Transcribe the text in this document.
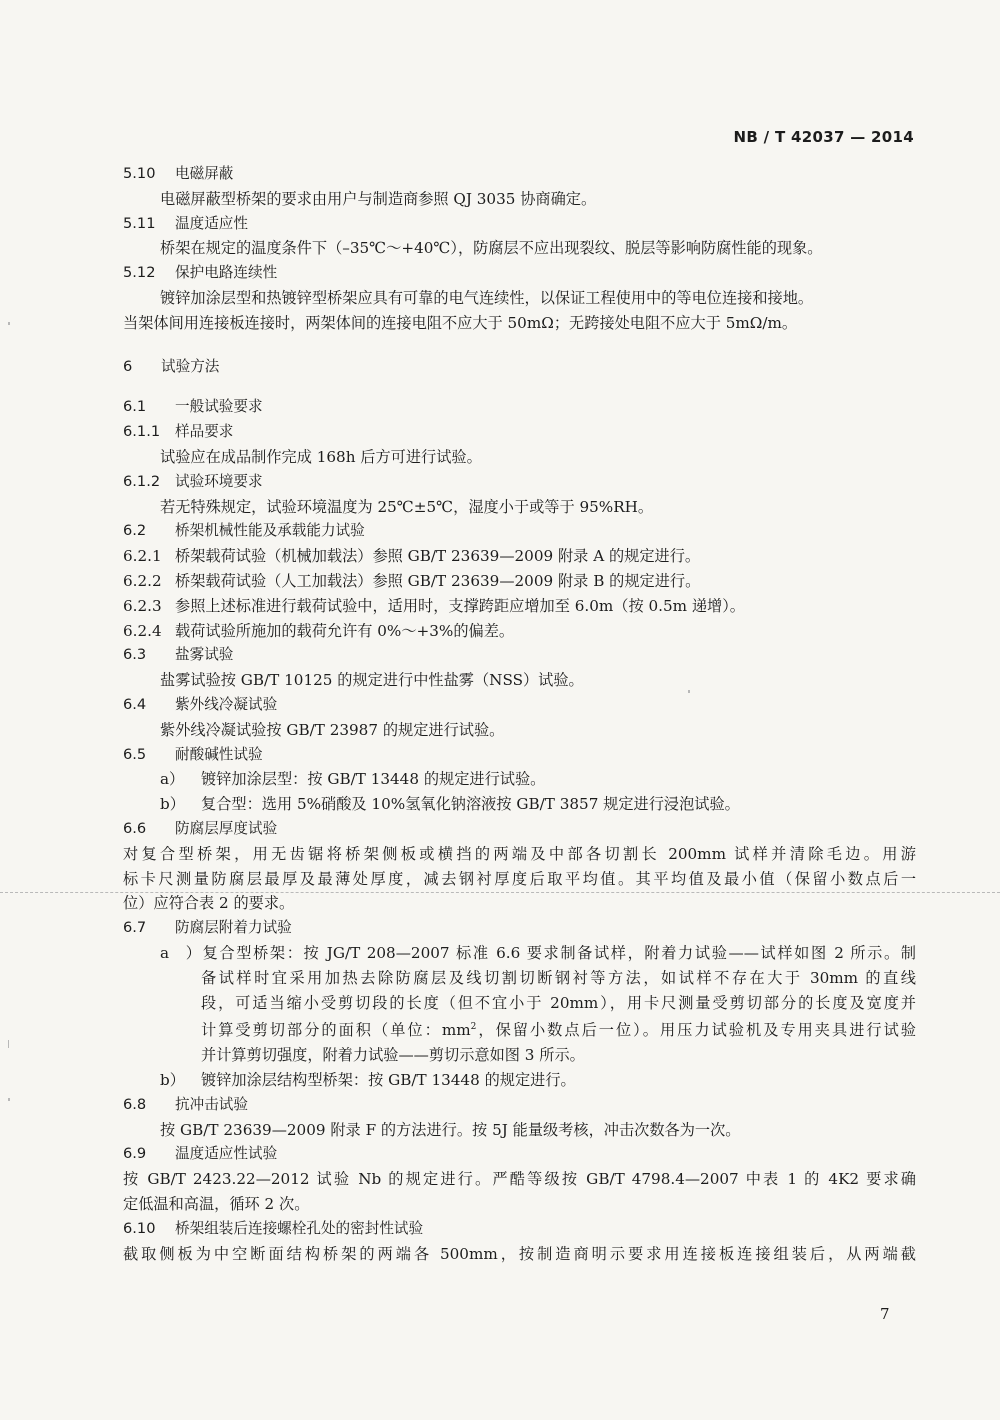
NB / T 42037 — 2014
5.10 电磁屏蔽
电磁屏蔽型桥架的要求由用户与制造商参照 QJ 3035 协商确定。
5.11 温度适应性
桥架在规定的温度条件下（–35℃～+40℃），防腐层不应出现裂纹、脱层等影响防腐性能的现象。
5.12 保护电路连续性
镀锌加涂层型和热镀锌型桥架应具有可靠的电气连续性，以保证工程使用中的等电位连接和接地。
当架体间用连接板连接时，两架体间的连接电阻不应大于 50mΩ；无跨接处电阻不应大于 5mΩ/m。
6 试验方法
6.1 一般试验要求
6.1.1 样品要求
试验应在成品制作完成 168h 后方可进行试验。
6.1.2 试验环境要求
若无特殊规定，试验环境温度为 25℃±5℃，湿度小于或等于 95%RH。
6.2 桥架机械性能及承载能力试验
6.2.1 桥架载荷试验（机械加载法）参照 GB/T 23639—2009 附录 A 的规定进行。
6.2.2 桥架载荷试验（人工加载法）参照 GB/T 23639—2009 附录 B 的规定进行。
6.2.3 参照上述标准进行载荷试验中，适用时，支撑跨距应增加至 6.0m（按 0.5m 递增）。
6.2.4 载荷试验所施加的载荷允许有 0%～+3%的偏差。
6.3 盐雾试验
盐雾试验按 GB/T 10125 的规定进行中性盐雾（NSS）试验。
6.4 紫外线冷凝试验
紫外线冷凝试验按 GB/T 23987 的规定进行试验。
6.5 耐酸碱性试验
a） 镀锌加涂层型：按 GB/T 13448 的规定进行试验。
b） 复合型：选用 5%硝酸及 10%氢氧化钠溶液按 GB/T 3857 规定进行浸泡试验。
6.6 防腐层厚度试验
对复合型桥架，用无齿锯将桥架侧板或横挡的两端及中部各切割长 200mm 试样并清除毛边。用游
标卡尺测量防腐层最厚及最薄处厚度，减去钢衬厚度后取平均值。其平均值及最小值（保留小数点后一
位）应符合表 2 的要求。
6.7 防腐层附着力试验
a）复合型桥架：按 JG/T 208—2007 标准 6.6 要求制备试样，附着力试验——试样如图 2 所示。制
备试样时宜采用加热去除防腐层及线切割切断钢衬等方法，如试样不存在大于 30mm 的直线
段，可适当缩小受剪切段的长度（但不宜小于 20mm），用卡尺测量受剪切部分的长度及宽度并
计算受剪切部分的面积（单位：$mm^2$，保留小数点后一位）。用压力试验机及专用夹具进行试验
并计算剪切强度，附着力试验——剪切示意如图 3 所示。
b） 镀锌加涂层结构型桥架：按 GB/T 13448 的规定进行。
6.8 抗冲击试验
按 GB/T 23639—2009 附录 F 的方法进行。按 5J 能量级考核，冲击次数各为一次。
6.9 温度适应性试验
按 GB/T 2423.22—2012 试验 Nb 的规定进行。严酷等级按 GB/T 4798.4—2007 中表 1 的 4K2 要求确
定低温和高温，循环 2 次。
6.10 桥架组装后连接螺栓孔处的密封性试验
截取侧板为中空断面结构桥架的两端各 500mm，按制造商明示要求用连接板连接组装后，从两端截
7
